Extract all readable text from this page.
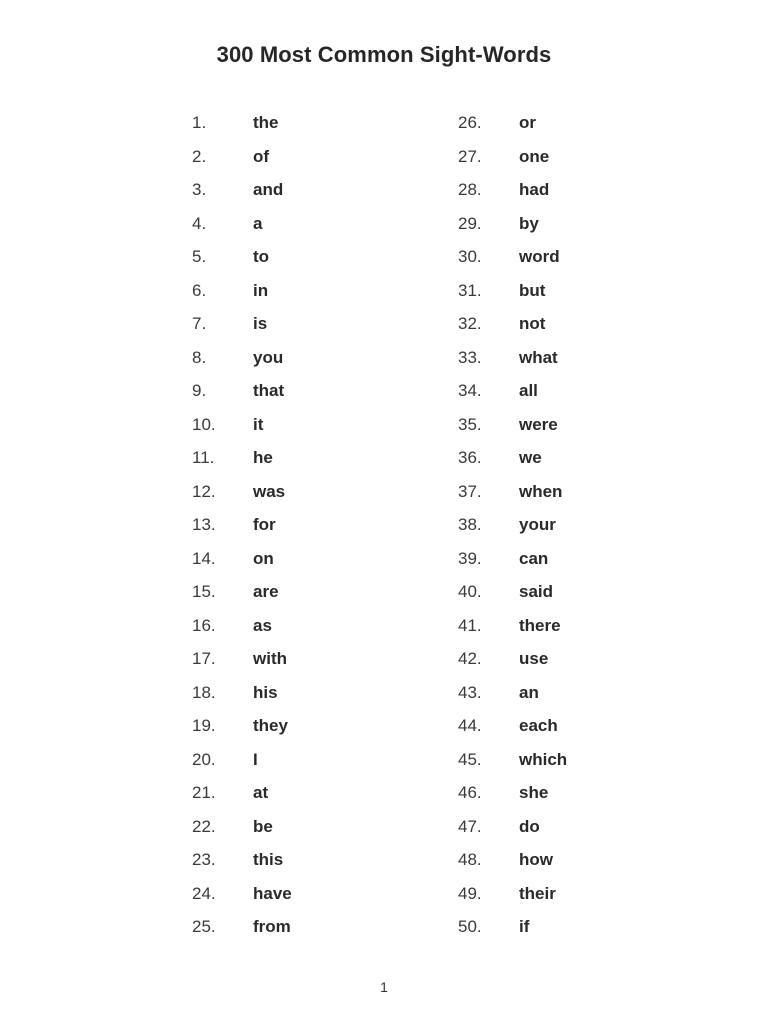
300 Most Common Sight-Words
1.	the
2.	of
3.	and
4.	a
5.	to
6.	in
7.	is
8.	you
9.	that
10. it
11. he
12. was
13. for
14. on
15. are
16. as
17. with
18. his
19. they
20. I
21. at
22. be
23. this
24. have
25. from
26. or
27. one
28. had
29. by
30. word
31. but
32. not
33. what
34. all
35. were
36. we
37. when
38. your
39. can
40. said
41. there
42. use
43. an
44. each
45. which
46. she
47. do
48. how
49. their
50. if
1
